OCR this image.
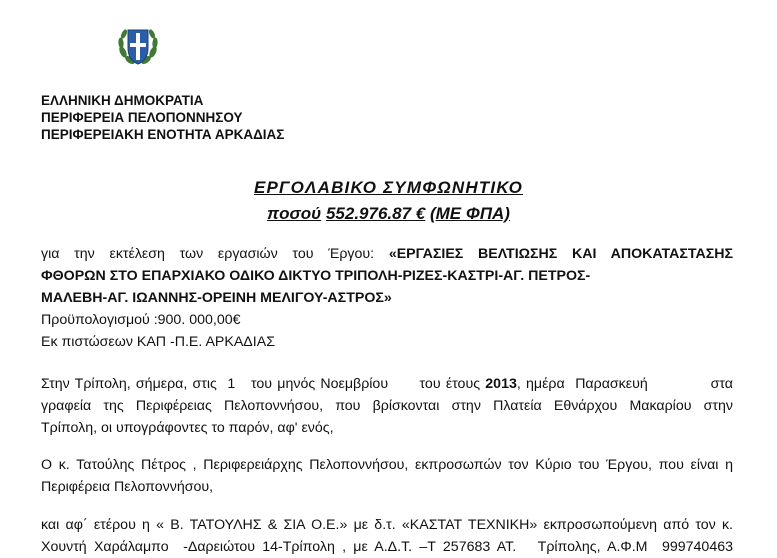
ΕΛΛΗΝΙΚΗ ΔΗΜΟΚΡΑΤΙΑ
ΠΕΡΙΦΕΡΕΙΑ ΠΕΛΟΠΟΝΝΗΣΟΥ
ΠΕΡΙΦΕΡΕΙΑΚΗ ΕΝΟΤΗΤΑ ΑΡΚΑΔΙΑΣ
ΕΡΓΟΛΑΒΙΚΟ ΣΥΜΦΩΝΗΤΙΚΟ
ποσού 552.976.87 € (ΜΕ ΦΠΑ)
για την εκτέλεση των εργασιών του Έργου: «ΕΡΓΑΣΙΕΣ ΒΕΛΤΙΩΣΗΣ ΚΑΙ ΑΠΟΚΑΤΑΣΤΑΣΗΣ
ΦΘΟΡΩΝ ΣΤΟ ΕΠΑΡΧΙΑΚΟ ΟΔΙΚΟ ΔΙΚΤΥΟ ΤΡΙΠΟΛΗ-ΡΙΖΕΣ-ΚΑΣΤΡΙ-ΑΓ. ΠΕΤΡΟΣ-
ΜΑΛΕΒΗ-ΑΓ. ΙΩΑΝΝΗΣ-ΟΡΕΙΝΗ ΜΕΛΙΓΟΥ-ΑΣΤΡΟΣ»
Προϋπολογισμού :900. 000,00€
Εκ πιστώσεων ΚΑΠ -Π.Ε. ΑΡΚΑΔΙΑΣ
Στην Τρίπολη, σήμερα, στις  1   του μηνός Νοεμβρίου      του έτους 2013, ημέρα  Παρασκευή            στα
γραφεία της Περιφέρειας Πελοποννήσου, που βρίσκονται στην Πλατεία Εθνάρχου Μακαρίου στην
Τρίπολη, οι υπογράφοντες το παρόν, αφ' ενός,
Ο κ. Τατούλης Πέτρος , Περιφερειάρχης Πελοποννήσου, εκπροσωπών τον Κύριο του Έργου, που είναι η
Περιφέρεια Πελοποννήσου,
και αφ΄ ετέρου η « Β. ΤΑΤΟΥΛΗΣ & ΣΙΑ Ο.Ε.» με δ.τ. «ΚΑΣΤΑΤ ΤΕΧΝΙΚΗ» εκπροσωπούμενη από τον κ.
Χουντή Χαράλαμπο  -Δαρειώτου 14-Τρίπολη , με Α.Δ.Τ. –Τ 257683 ΑΤ.   Τρίπολης, Α.Φ.Μ  999740463
